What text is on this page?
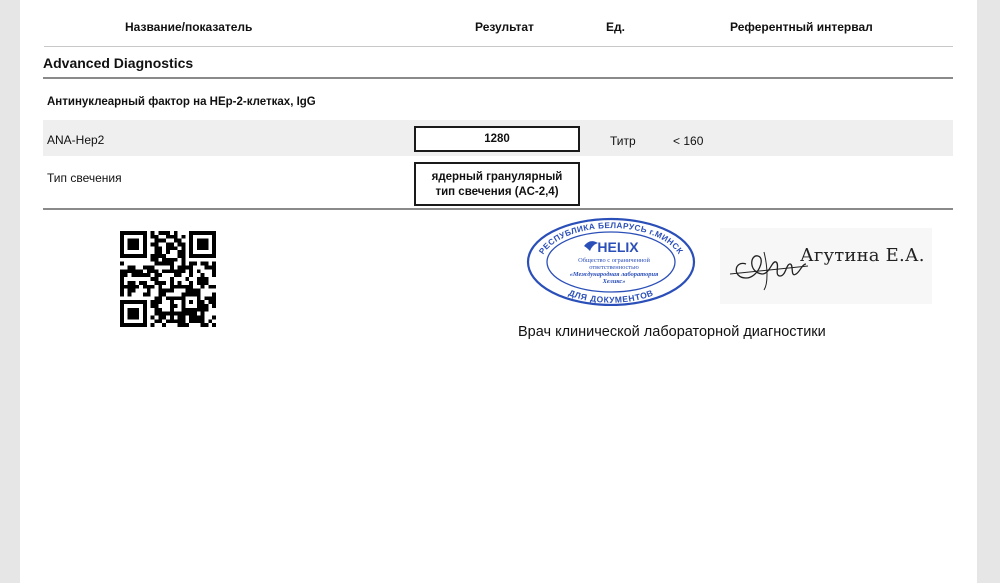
Название/показатель	Результат	Ед.	Референтный интервал
Advanced Diagnostics
Антинуклеарный фактор на HEp-2-клетках, IgG
ANA-Hep2	1280	Титр	< 160
Тип свечения	ядерный гранулярный
тип свечения (АС-2,4)
РЕСПУБЛИКА БЕЛАРУСЬ г.МИНСК
ДЛЯ ДОКУМЕНТОВ
HELIX
Общество с ограниченной
ответственностью
«Международная лаборатория
Хеликс»
Агутина Е.А.
Врач клинической лабораторной диагностики
